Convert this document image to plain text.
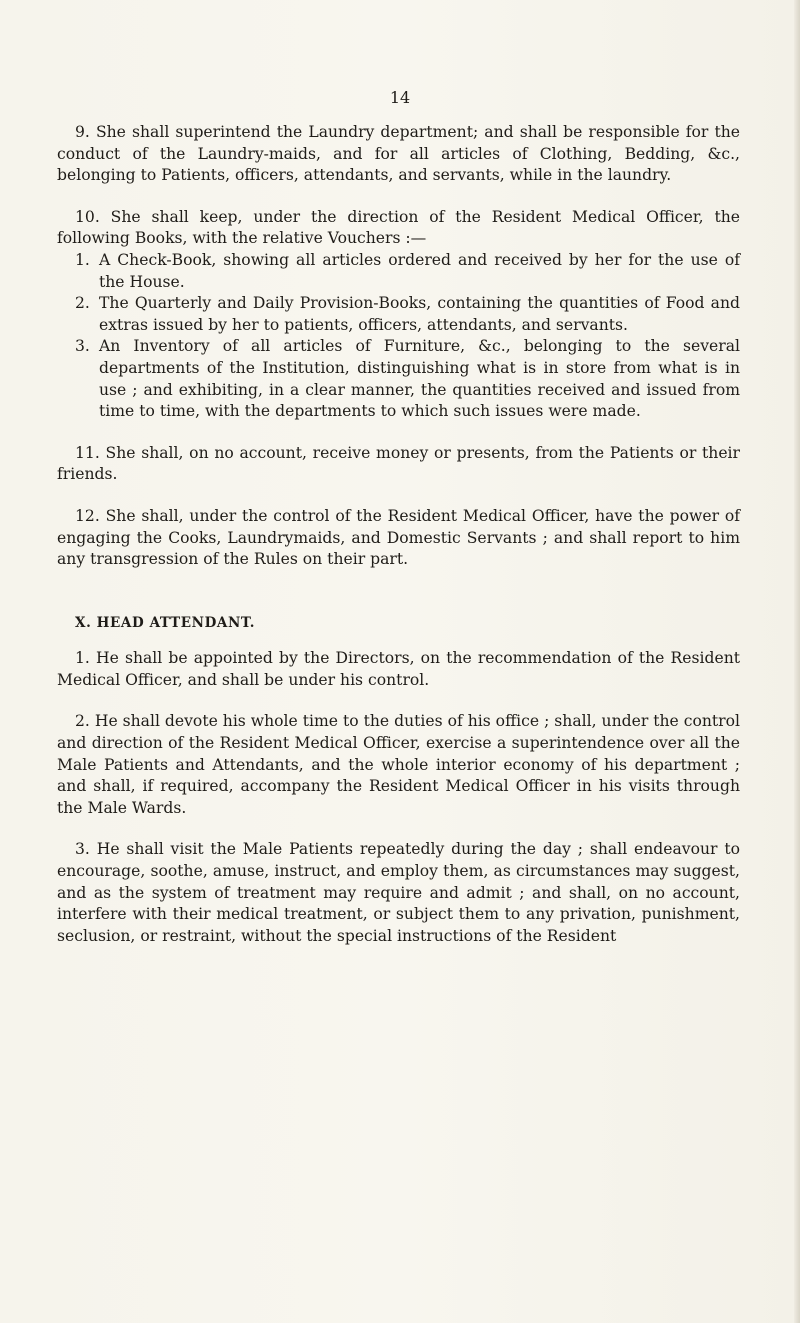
14

9. She shall superintend the Laundry department; and shall be responsible for the conduct of the Laundry-maids, and for all articles of Clothing, Bedding, &c., belonging to Patients, officers, attendants, and servants, while in the laundry.

10. She shall keep, under the direction of the Resident Medical Officer, the following Books, with the relative Vouchers :—

1. A Check-Book, showing all articles ordered and received by her for the use of the House.
2. The Quarterly and Daily Provision-Books, containing the quantities of Food and extras issued by her to patients, officers, attendants, and servants.
3. An Inventory of all articles of Furniture, &c., belonging to the several departments of the Institution, distinguishing what is in store from what is in use ; and exhibiting, in a clear manner, the quantities received and issued from time to time, with the departments to which such issues were made.

11. She shall, on no account, receive money or presents, from the Patients or their friends.

12. She shall, under the control of the Resident Medical Officer, have the power of engaging the Cooks, Laundrymaids, and Domestic Servants ; and shall report to him any transgression of the Rules on their part.

X. HEAD ATTENDANT.

1. He shall be appointed by the Directors, on the recommendation of the Resident Medical Officer, and shall be under his control.

2. He shall devote his whole time to the duties of his office ; shall, under the control and direction of the Resident Medical Officer, exercise a superintendence over all the Male Patients and Attendants, and the whole interior economy of his department ; and shall, if required, accompany the Resident Medical Officer in his visits through the Male Wards.

3. He shall visit the Male Patients repeatedly during the day ; shall endeavour to encourage, soothe, amuse, instruct, and employ them, as circumstances may suggest, and as the system of treatment may require and admit ; and shall, on no account, interfere with their medical treatment, or subject them to any privation, punishment, seclusion, or restraint, without the special instructions of the Resident
